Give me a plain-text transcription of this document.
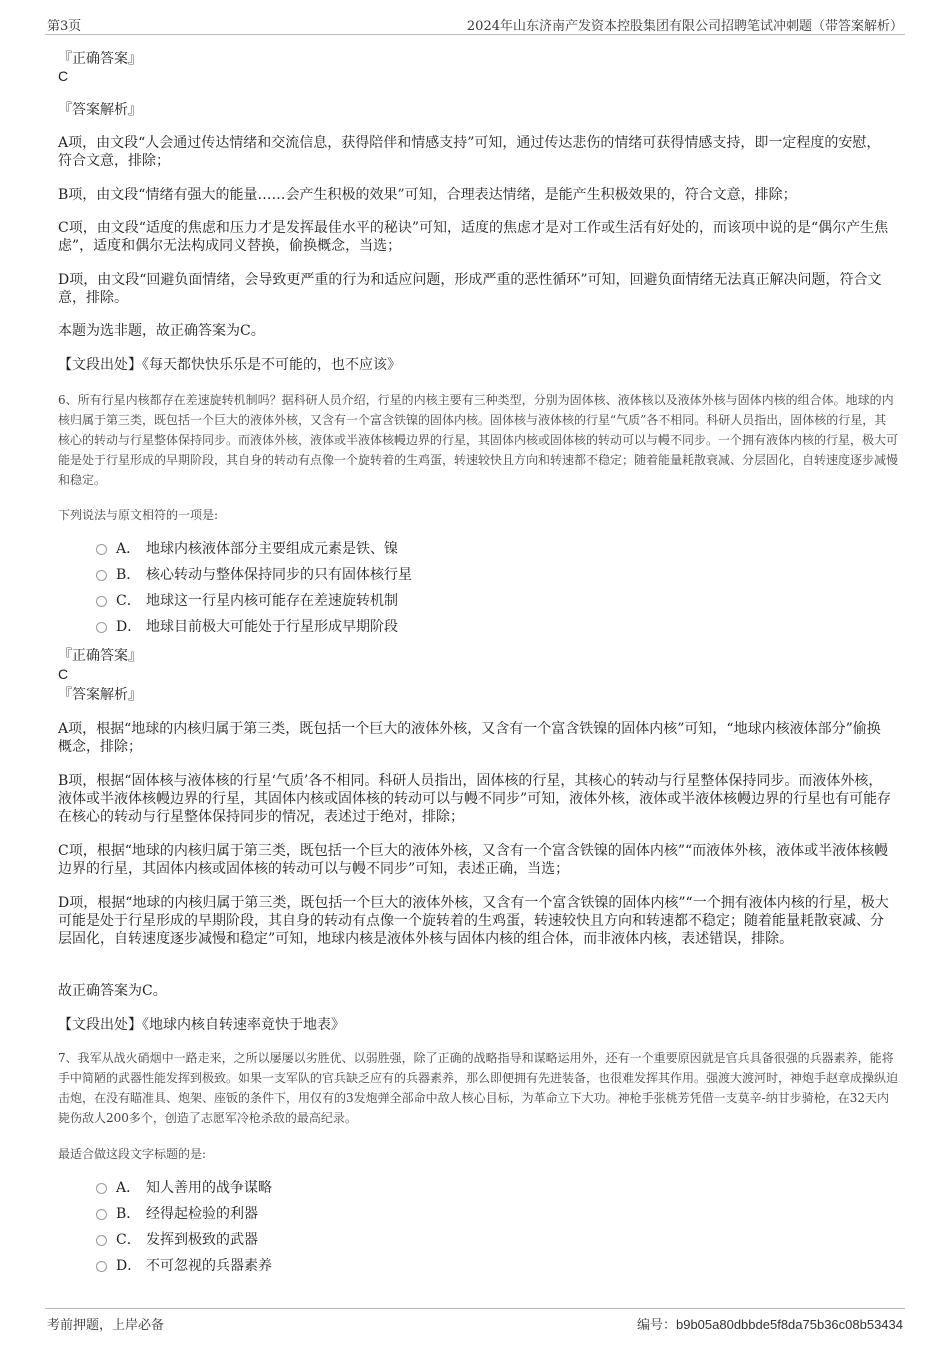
第3页	2024年山东济南产发资本控股集团有限公司招聘笔试冲刺题（带答案解析）
『正确答案』
C
『答案解析』
A项，由文段“人会通过传达情绪和交流信息，获得陪伴和情感支持”可知，通过传达悲伤的情绪可获得情感支持，即一定程度的安慰，符合文意，排除；
B项，由文段“情绪有强大的能量……会产生积极的效果”可知，合理表达情绪，是能产生积极效果的，符合文意，排除；
C项，由文段“适度的焦虑和压力才是发挥最佳水平的秘诀”可知，适度的焦虑才是对工作或生活有好处的，而该项中说的是“偶尔产生焦虑”，适度和偶尔无法构成同义替换，偷换概念，当选；
D项，由文段“回避负面情绪，会导致更严重的行为和适应问题，形成严重的恶性循环”可知，回避负面情绪无法真正解决问题，符合文意，排除。
本题为选非题，故正确答案为C。
【文段出处】《每天都快快乐乐是不可能的，也不应该》
6、所有行星内核都存在差速旋转机制吗？据科研人员介绍，行星的内核主要有三种类型，分别为固体核、液体核以及液体外核与固体内核的组合体。地球的内核归属于第三类，既包括一个巨大的液体外核，又含有一个富含铁镍的固体内核。固体核与液体核的行星“气质”各不相同。科研人员指出，固体核的行星，其核心的转动与行星整体保持同步。而液体外核，液体或半液体核幔边界的行星，其固体内核或固体核的转动可以与幔不同步。一个拥有液体内核的行星，极大可能是处于行星形成的早期阶段，其自身的转动有点像一个旋转着的生鸡蛋，转速较快且方向和转速都不稳定；随着能量耗散衰减、分层固化，自转速度逐步减慢和稳定。
下列说法与原文相符的一项是:
A． 地球内核液体部分主要组成元素是铁、镍
B． 核心转动与整体保持同步的只有固体核行星
C． 地球这一行星内核可能存在差速旋转机制
D． 地球目前极大可能处于行星形成早期阶段
『正确答案』
C
『答案解析』
A项，根据“地球的内核归属于第三类，既包括一个巨大的液体外核，又含有一个富含铁镍的固体内核”可知，“地球内核液体部分”偷换概念，排除；
B项，根据“固体核与液体核的行星‘气质’各不相同。科研人员指出，固体核的行星，其核心的转动与行星整体保持同步。而液体外核，液体或半液体核幔边界的行星，其固体内核或固体核的转动可以与幔不同步”可知，液体外核，液体或半液体核幔边界的行星也有可能存在核心的转动与行星整体保持同步的情况，表述过于绝对，排除；
C项，根据“地球的内核归属于第三类，既包括一个巨大的液体外核，又含有一个富含铁镍的固体内核”“而液体外核，液体或半液体核幔边界的行星，其固体内核或固体核的转动可以与幔不同步”可知，表述正确，当选；
D项，根据“地球的内核归属于第三类，既包括一个巨大的液体外核，又含有一个富含铁镍的固体内核”“一个拥有液体内核的行星，极大可能是处于行星形成的早期阶段，其自身的转动有点像一个旋转着的生鸡蛋，转速较快且方向和转速都不稳定；随着能量耗散衰减、分层固化，自转速度逐步减慢和稳定”可知，地球内核是液体外核与固体内核的组合体，而非液体内核，表述错误，排除。
故正确答案为C。
【文段出处】《地球内核自转速率竟快于地表》
7、我军从战火硝烟中一路走来，之所以屡屡以劣胜优、以弱胜强，除了正确的战略指导和谋略运用外，还有一个重要原因就是官兵具备很强的兵器素养，能将手中简陋的武器性能发挥到极致。如果一支军队的官兵缺乏应有的兵器素养，那么即便拥有先进装备，也很难发挥其作用。强渡大渡河时，神炮手赵章成操纵迫击炮，在没有瞄准具、炮架、座钣的条件下，用仅有的3发炮弹全部命中敌人核心目标，为革命立下大功。神枪手张桃芳凭借一支莫辛-纳甘步骑枪，在32天内毙伤敌人200多个，创造了志愿军冷枪杀敌的最高纪录。
最适合做这段文字标题的是:
A． 知人善用的战争谋略
B． 经得起检验的利器
C． 发挥到极致的武器
D． 不可忽视的兵器素养
考前押题，上岸必备	编号：b9b05a80dbbde5f8da75b36c08b53434
